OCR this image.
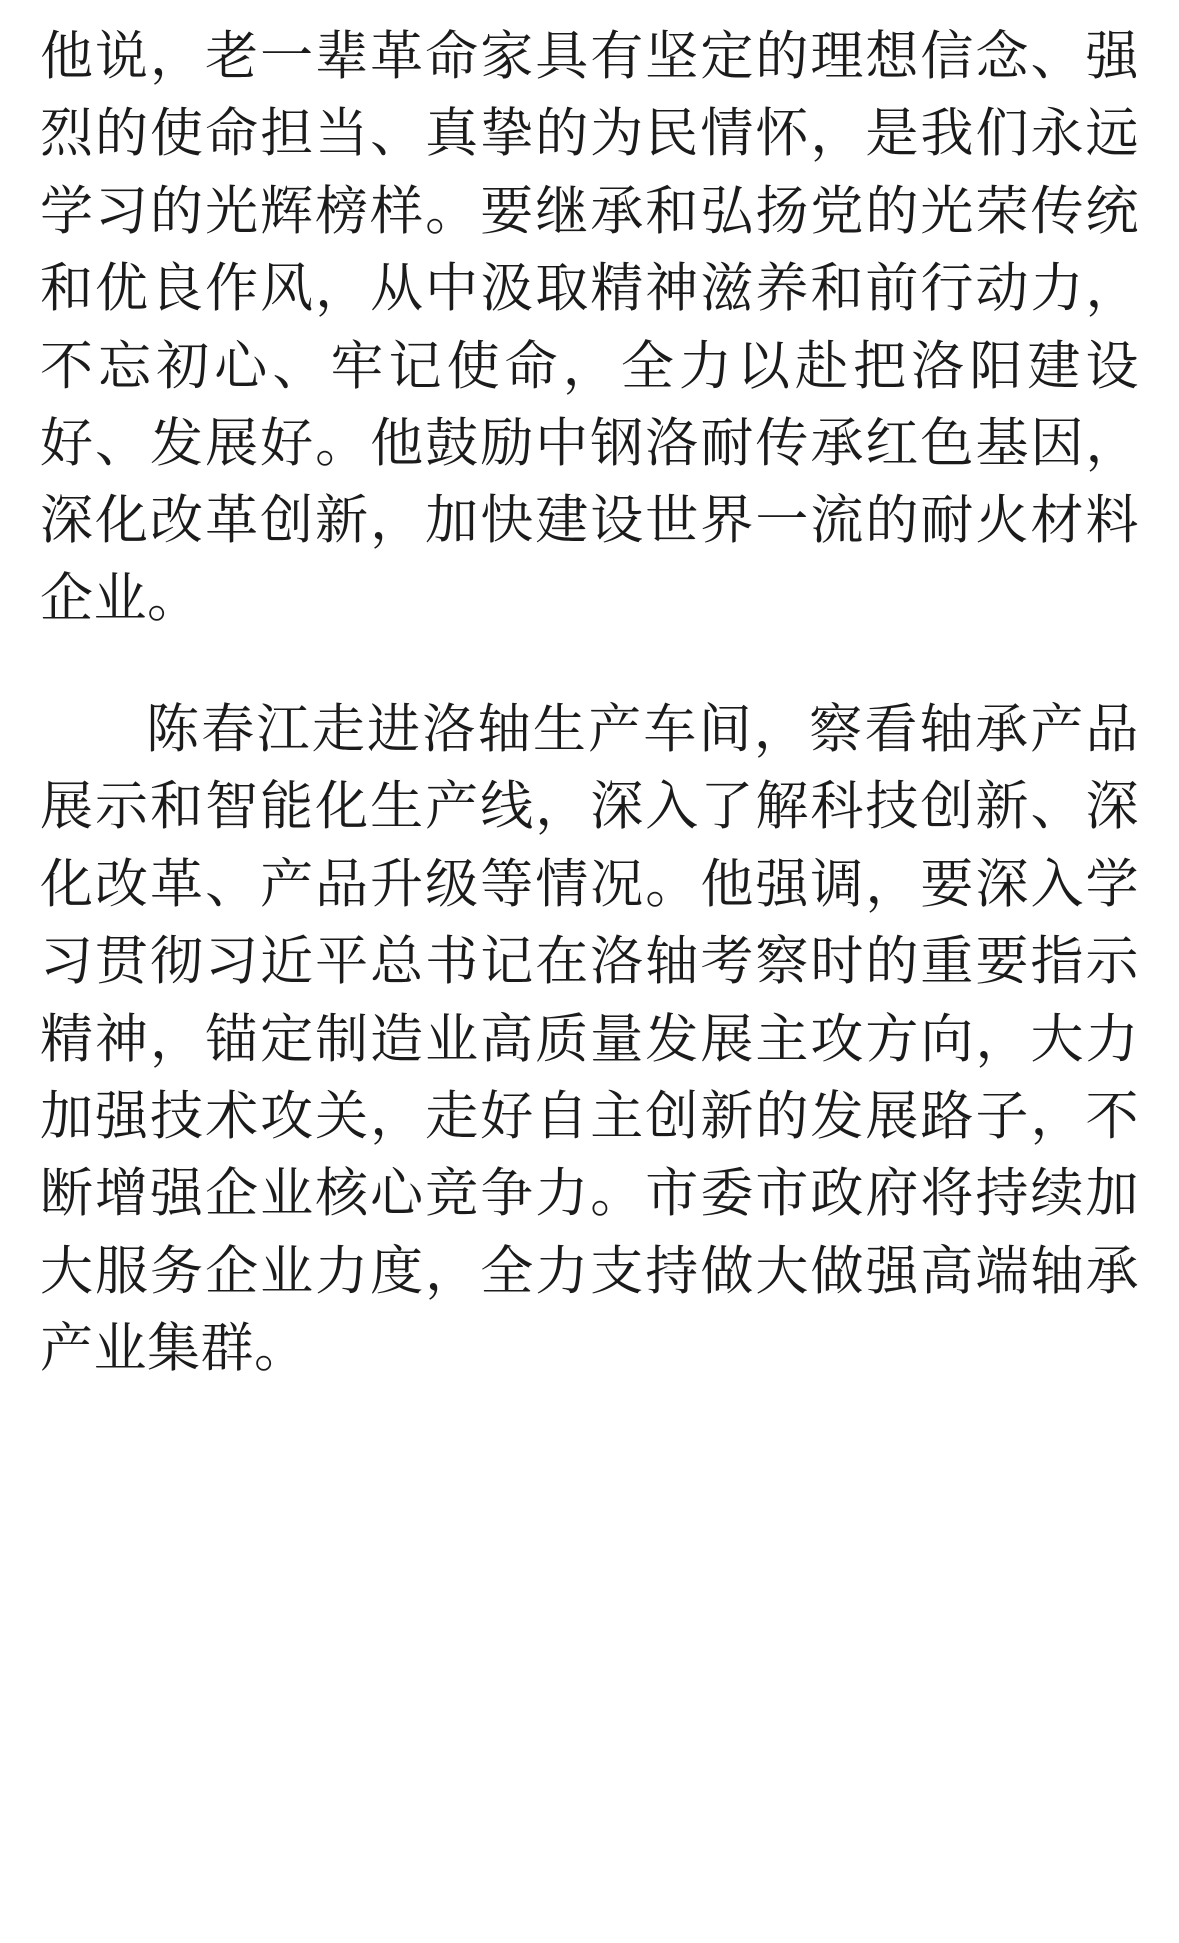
他说，老一辈革命家具有坚定的理想信念、强烈的使命担当、真挚的为民情怀，是我们永远学习的光辉榜样。要继承和弘扬党的光荣传统和优良作风，从中汲取精神滋养和前行动力，不忘初心、牢记使命，全力以赴把洛阳建设好、发展好。他鼓励中钢洛耐传承红色基因，深化改革创新，加快建设世界一流的耐火材料企业。

陈春江走进洛轴生产车间，察看轴承产品展示和智能化生产线，深入了解科技创新、深化改革、产品升级等情况。他强调，要深入学习贯彻习近平总书记在洛轴考察时的重要指示精神，锚定制造业高质量发展主攻方向，大力加强技术攻关，走好自主创新的发展路子，不断增强企业核心竞争力。市委市政府将持续加大服务企业力度，全力支持做大做强高端轴承产业集群。
